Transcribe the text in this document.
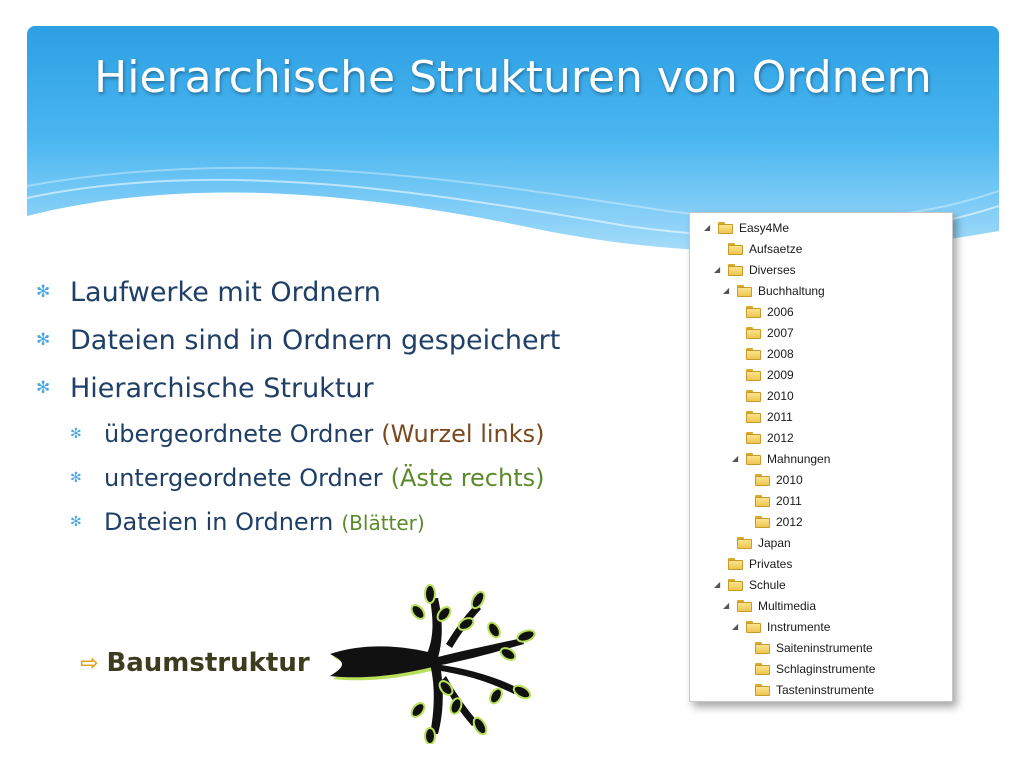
Hierarchische Strukturen von Ordnern
✻ Laufwerke mit Ordnern
✻ Dateien sind in Ordnern gespeichert
✻ Hierarchische Struktur
✻ übergeordnete Ordner (Wurzel links)
✻ untergeordnete Ordner (Äste rechts)
✻ Dateien in Ordnern (Blätter)
⇨ Baumstruktur
◢	Easy4Me
Aufsaetze
◢	Diverses
◢	Buchhaltung
2006
2007
2008
2009
2010
2011
2012
◢	Mahnungen
2010
2011
2012
Japan
Privates
◢	Schule
◢	Multimedia
◢	Instrumente
Saiteninstrumente
Schlaginstrumente
Tasteninstrumente
